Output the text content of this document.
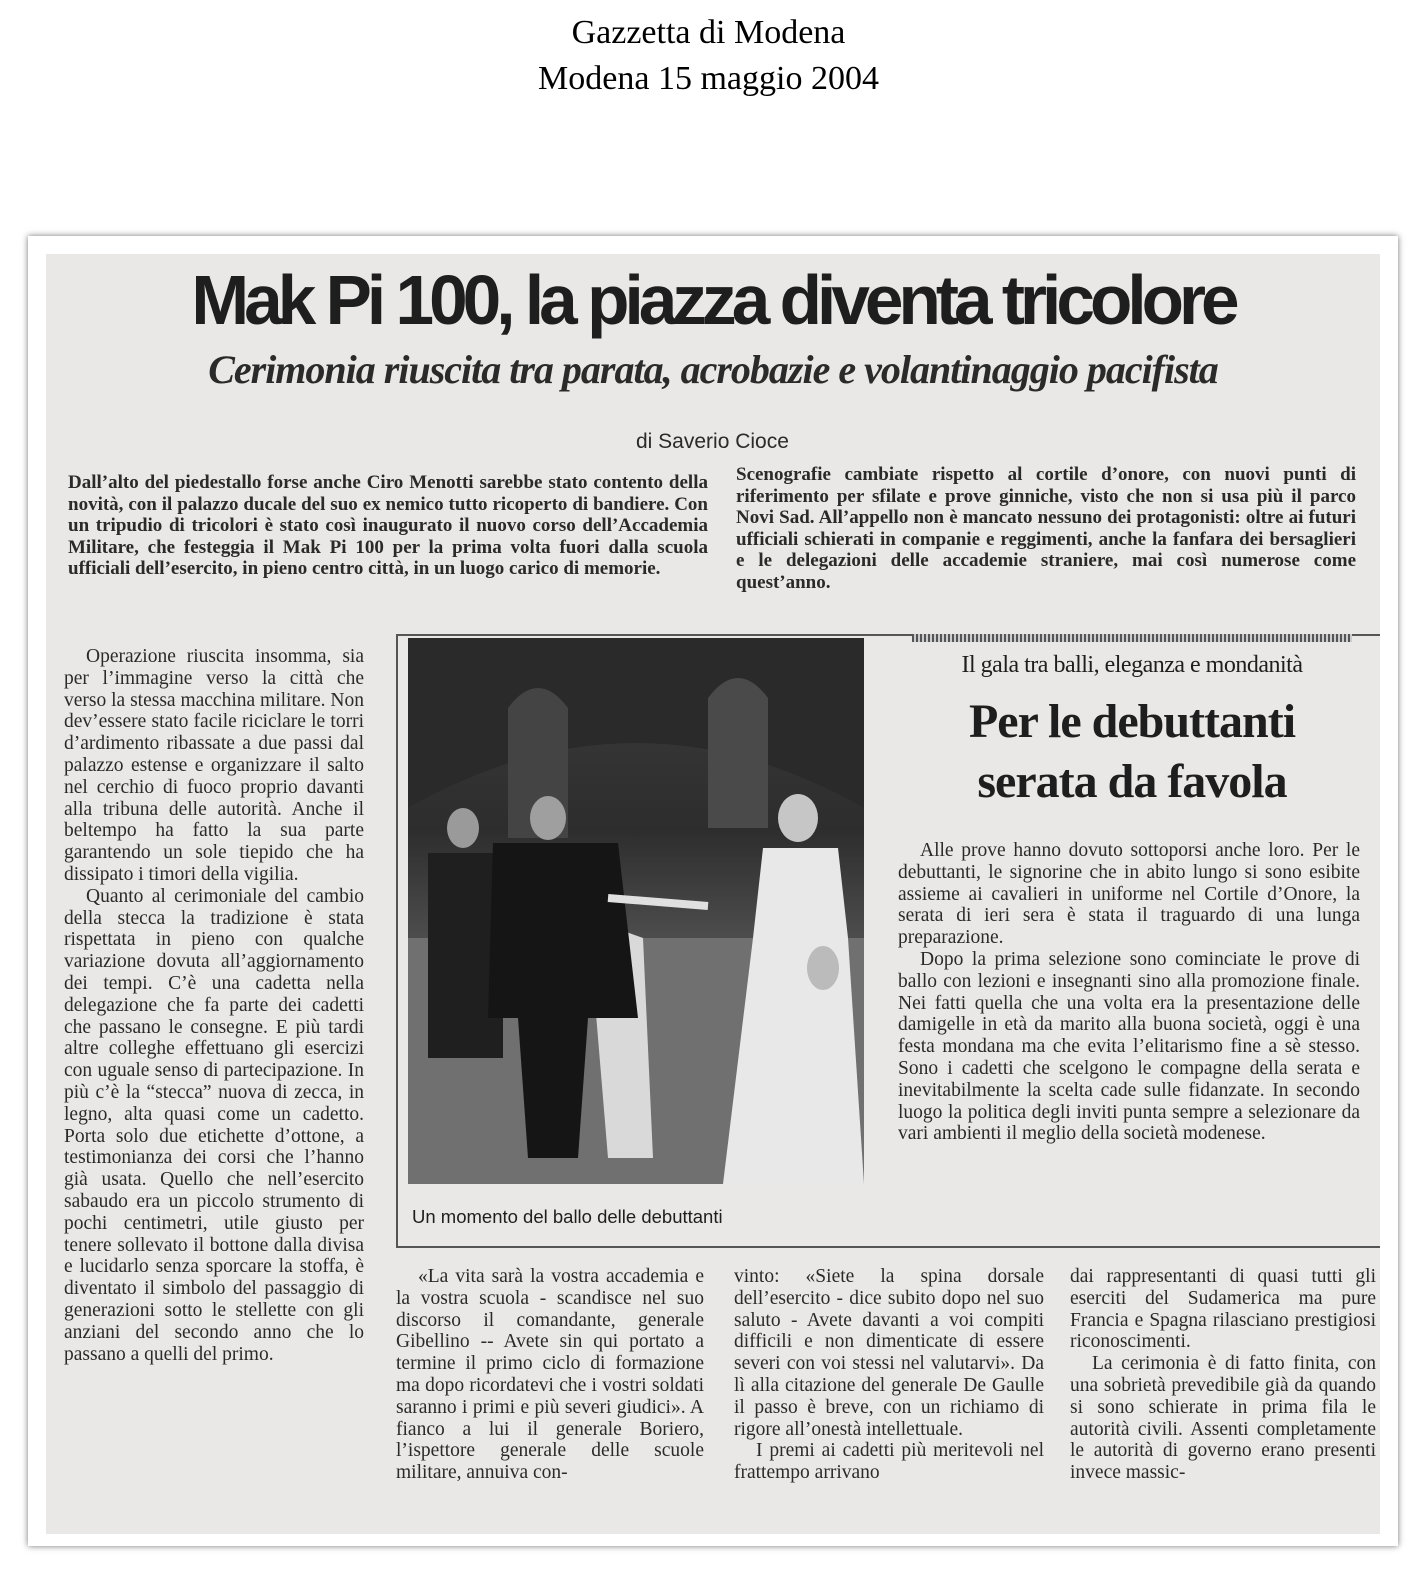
Gazzetta di Modena
Modena 15 maggio 2004
Mak Pi 100, la piazza diventa tricolore
Cerimonia riuscita tra parata, acrobazie e volantinaggio pacifista
di Saverio Cioce
Dall’alto del piedestallo forse anche Ciro Menotti sarebbe stato contento della novità, con il palazzo ducale del suo ex nemico tutto ricoperto di bandiere. Con un tripudio di tricolori è stato così inaugurato il nuovo corso dell’Accademia Militare, che festeggia il Mak Pi 100 per la prima volta fuori dalla scuola ufficiali dell’esercito, in pieno centro città, in un luogo carico di memorie.
Scenografie cambiate rispetto al cortile d’onore, con nuovi punti di riferimento per sfilate e prove ginniche, visto che non si usa più il parco Novi Sad. All’appello non è mancato nessuno dei protagonisti: oltre ai futuri ufficiali schierati in companie e reggimenti, anche la fanfara dei bersaglieri e le delegazioni delle accademie straniere, mai così numerose come quest’anno.

Operazione riuscita insomma, sia per l’immagine verso la città che verso la stessa macchina militare. Non dev’essere stato facile riciclare le torri d’ardimento ribassate a due passi dal palazzo estense e organizzare il salto nel cerchio di fuoco proprio davanti alla tribuna delle autorità. Anche il beltempo ha fatto la sua parte garantendo un sole tiepido che ha dissipato i timori della vigilia.

Quanto al cerimoniale del cambio della stecca la tradizione è stata rispettata in pieno con qualche variazione dovuta all’aggiornamento dei tempi. C’è una cadetta nella delegazione che fa parte dei cadetti che passano le consegne. E più tardi altre colleghe effettuano gli esercizi con uguale senso di partecipazione. In più c’è la “stecca” nuova di zecca, in legno, alta quasi come un cadetto. Porta solo due etichette d’ottone, a testimonianza dei corsi che l’hanno già usata. Quello che nell’esercito sabaudo era un piccolo strumento di pochi centimetri, utile giusto per tenere sollevato il bottone dalla divisa e lucidarlo senza sporcare la stoffa, è diventato il simbolo del passaggio di generazioni sotto le stellette con gli anziani del secondo anno che lo passano a quelli del primo.

Un momento del ballo delle debuttanti
Il gala tra balli, eleganza e mondanità
Per le debuttanti
serata da favola

Alle prove hanno dovuto sottoporsi anche loro. Per le debuttanti, le signorine che in abito lungo si sono esibite assieme ai cavalieri in uniforme nel Cortile d’Onore, la serata di ieri sera è stata il traguardo di una lunga preparazione.

Dopo la prima selezione sono cominciate le prove di ballo con lezioni e insegnanti sino alla promozione finale. Nei fatti quella che una volta era la presentazione delle damigelle in età da marito alla buona società, oggi è una festa mondana ma che evita l’elitarismo fine a sè stesso. Sono i cadetti che scelgono le compagne della serata e inevitabilmente la scelta cade sulle fidanzate. In secondo luogo la politica degli inviti punta sempre a selezionare da vari ambienti il meglio della società modenese.

«La vita sarà la vostra accademia e la vostra scuola - scandisce nel suo discorso il comandante, generale Gibellino -- Avete sin qui portato a termine il primo ciclo di formazione ma dopo ricordatevi che i vostri soldati saranno i primi e più severi giudici». A fianco a lui il generale Boriero, l’ispettore generale delle scuole militare, annuiva con-

vinto: «Siete la spina dorsale dell’esercito - dice subito dopo nel suo saluto - Avete davanti a voi compiti difficili e non dimenticate di essere severi con voi stessi nel valutarvi». Da lì alla citazione del generale De Gaulle il passo è breve, con un richiamo di rigore all’onestà intellettuale.

I premi ai cadetti più meritevoli nel frattempo arrivano

dai rappresentanti di quasi tutti gli eserciti del Sudamerica ma pure Francia e Spagna rilasciano prestigiosi riconoscimenti.

La cerimonia è di fatto finita, con una sobrietà prevedibile già da quando si sono schierate in prima fila le autorità civili. Assenti completamente le autorità di governo erano presenti invece massic-
